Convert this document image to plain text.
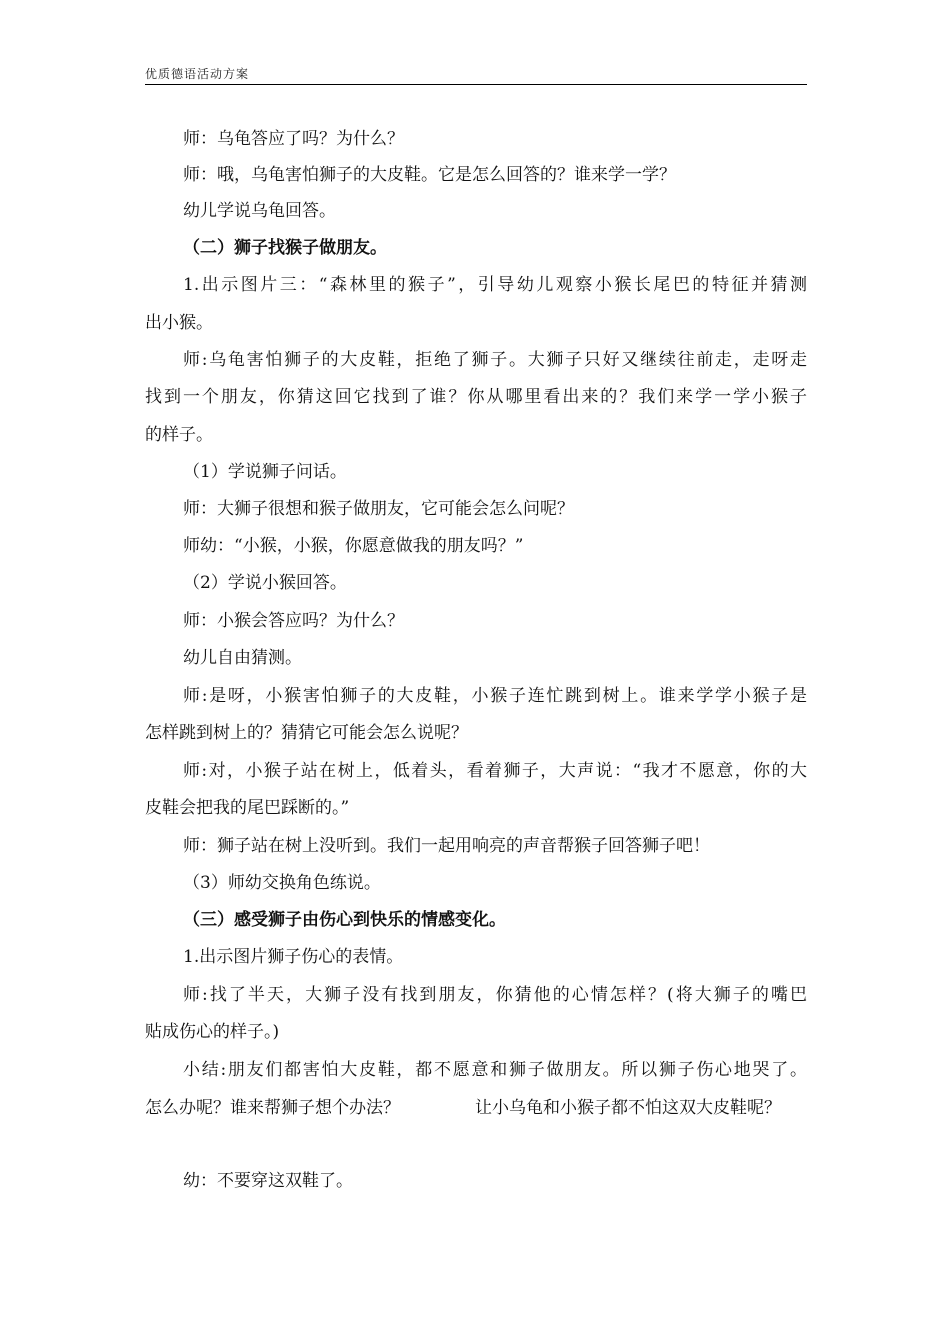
优质德语活动方案
师：乌龟答应了吗？为什么？
师：哦，乌龟害怕狮子的大皮鞋。它是怎么回答的？谁来学一学？
幼儿学说乌龟回答。
（二）狮子找猴子做朋友。
1.出示图片三：“森林里的猴子”，引导幼儿观察小猴长尾巴的特征并猜测
出小猴。
师:乌龟害怕狮子的大皮鞋，拒绝了狮子。大狮子只好又继续往前走，走呀走
找到一个朋友，你猜这回它找到了谁？你从哪里看出来的？我们来学一学小猴子
的样子。
（1）学说狮子问话。
师：大狮子很想和猴子做朋友，它可能会怎么问呢？
师幼：“小猴，小猴，你愿意做我的朋友吗？”
（2）学说小猴回答。
师：小猴会答应吗？为什么？
幼儿自由猜测。
师:是呀，小猴害怕狮子的大皮鞋，小猴子连忙跳到树上。谁来学学小猴子是
怎样跳到树上的？猜猜它可能会怎么说呢？
师:对，小猴子站在树上，低着头，看着狮子，大声说：“我才不愿意，你的大
皮鞋会把我的尾巴踩断的。”
师：狮子站在树上没听到。我们一起用响亮的声音帮猴子回答狮子吧！
（3）师幼交换角色练说。
（三）感受狮子由伤心到快乐的情感变化。
1.出示图片狮子伤心的表情。
师:找了半天，大狮子没有找到朋友，你猜他的心情怎样？(将大狮子的嘴巴
贴成伤心的样子。)
小结:朋友们都害怕大皮鞋，都不愿意和狮子做朋友。所以狮子伤心地哭了。
怎么办呢？谁来帮狮子想个办法？	让小乌龟和小猴子都不怕这双大皮鞋呢？
幼：不要穿这双鞋了。
